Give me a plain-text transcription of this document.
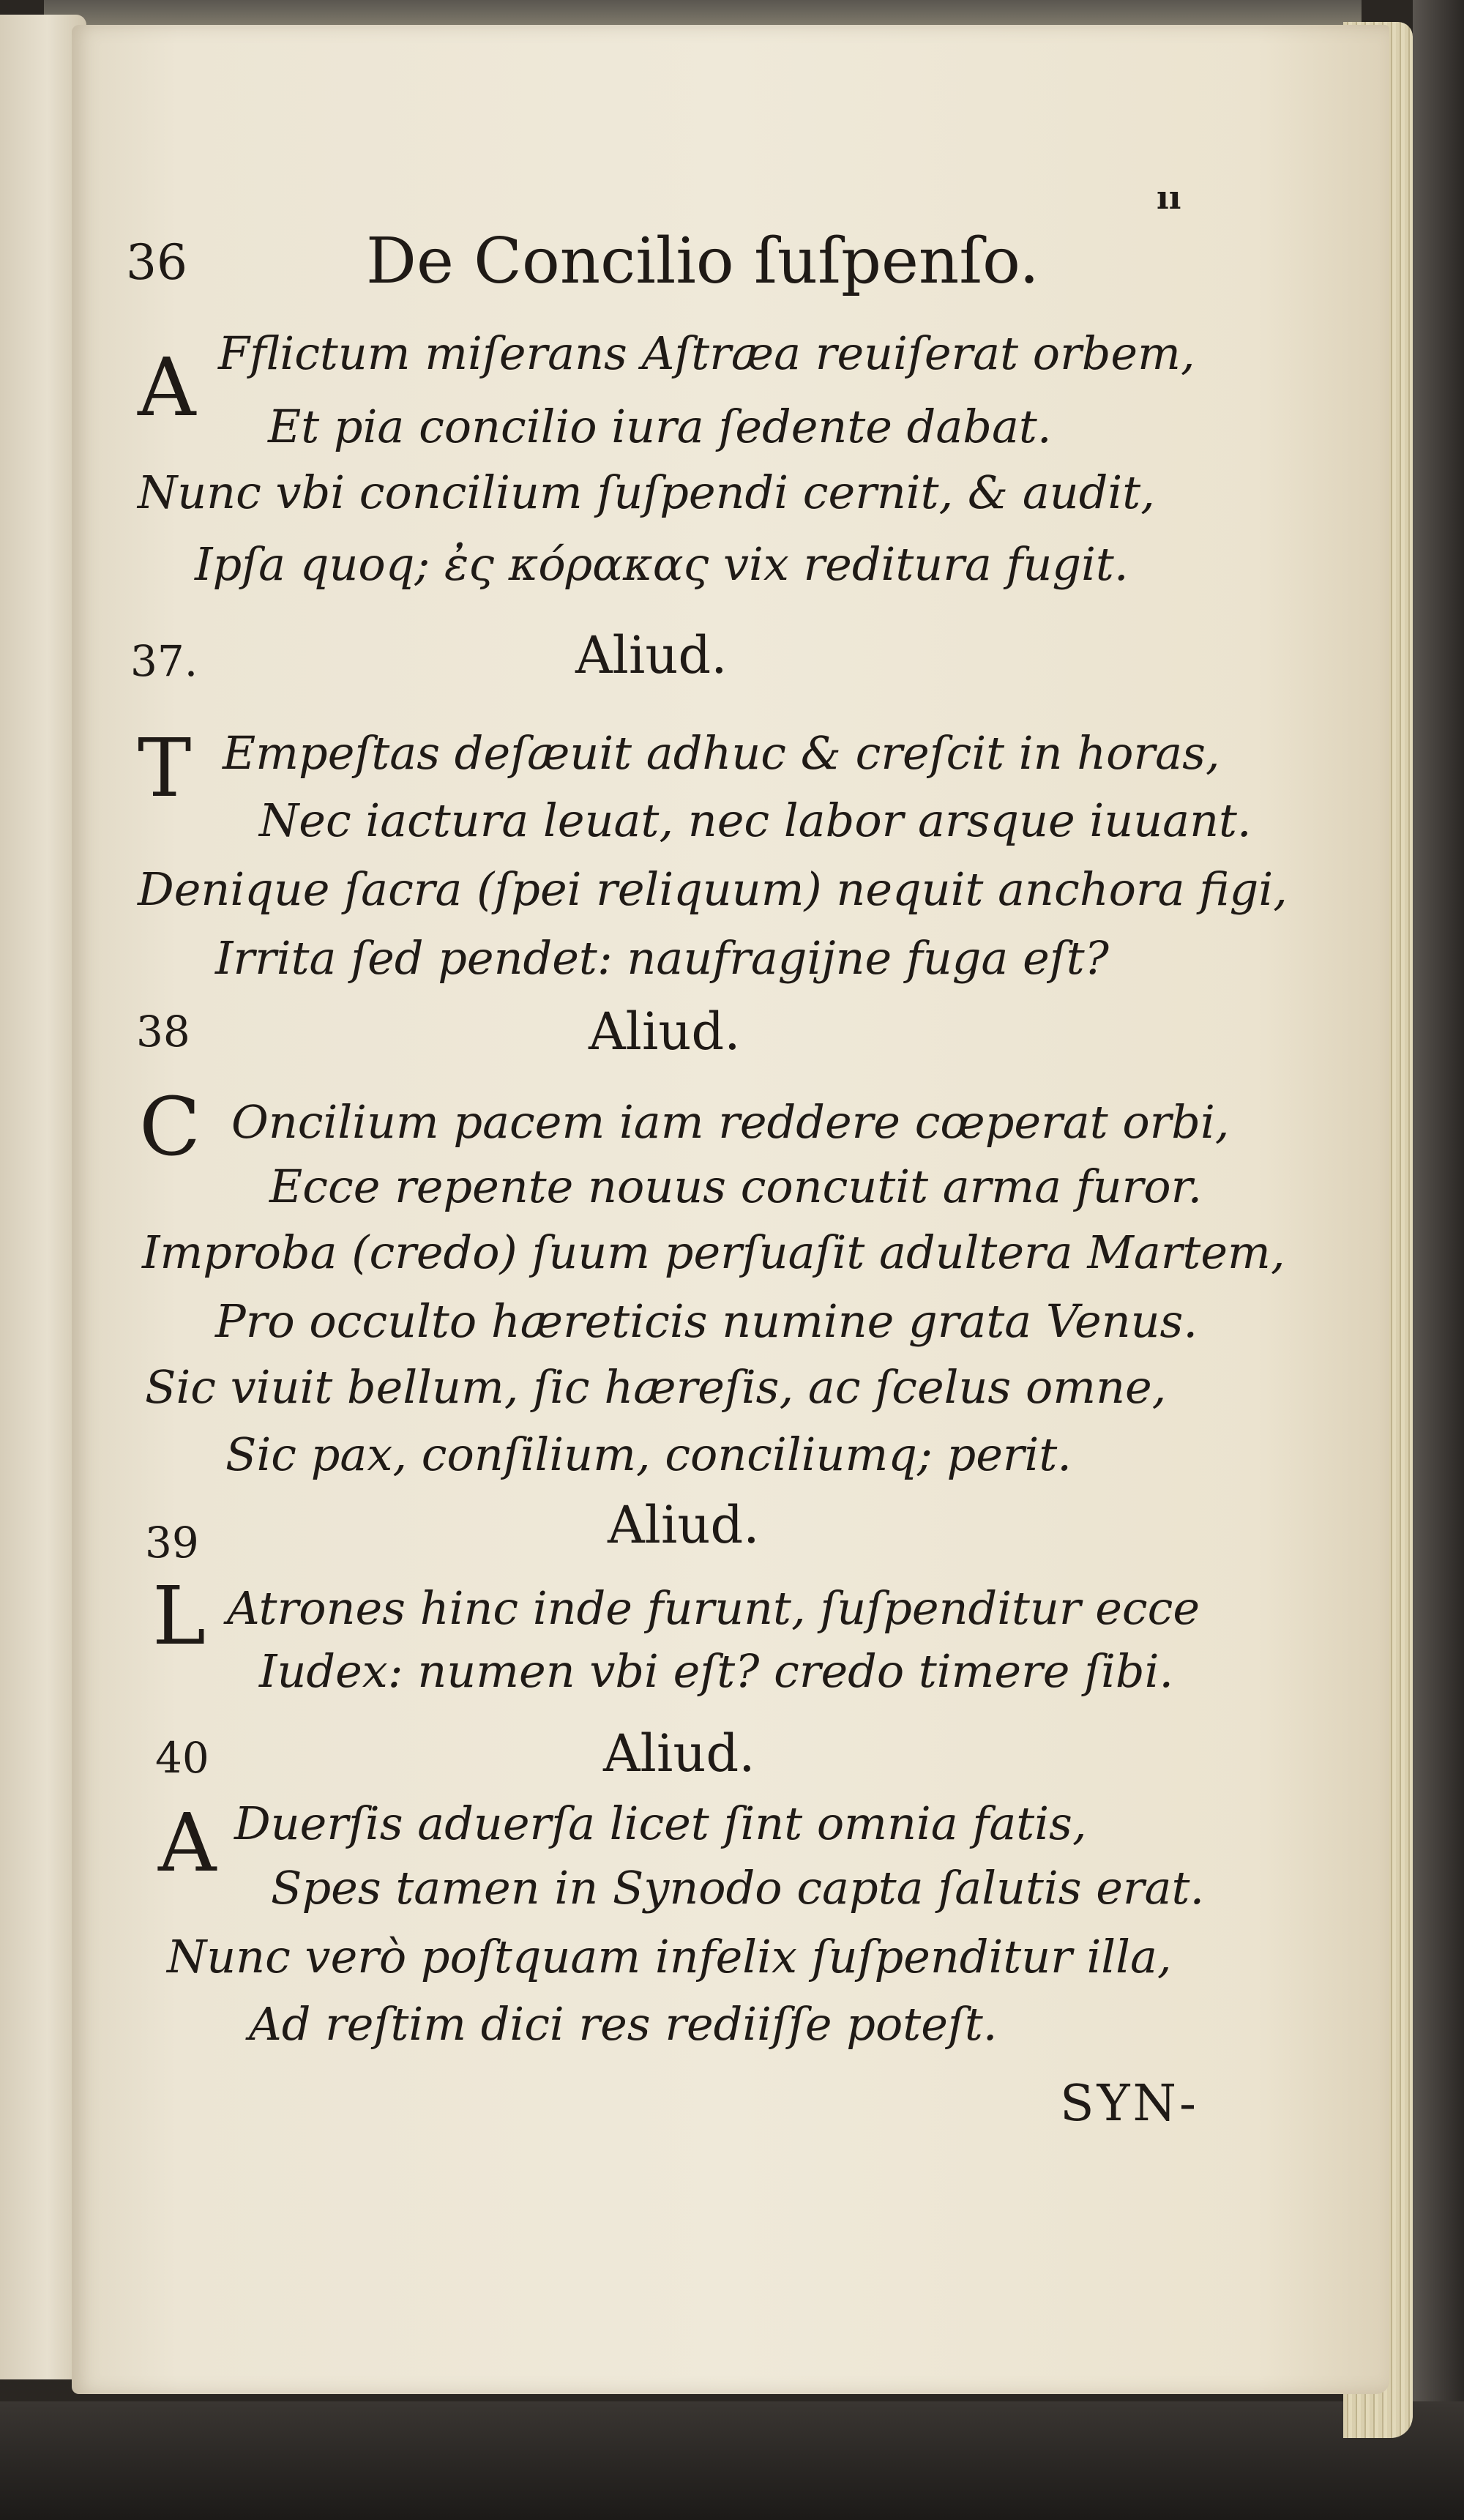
ıı
36	De Concilio ſuſpenſo.
A Fflictum miſerans Aſtræa reuiſerat orbem,
Et pia concilio iura ſedente dabat.
Nunc vbi concilium ſuſpendi cernit, & audit,
Ipſa quoq; ἐς κόρακας vix reditura fugit.
37.	Aliud.
T Empeſtas deſæuit adhuc & creſcit in horas,
Nec iactura leuat, nec labor arsque iuuant.
Denique ſacra (ſpei reliquum) nequit anchora figi,
Irrita ſed pendet: naufragijne fuga eſt?
38	Aliud.
C Oncilium pacem iam reddere cœperat orbi,
Ecce repente nouus concutit arma furor.
Improba (credo) ſuum perſuaſit adultera Martem,
Pro occulto hæreticis numine grata Venus.
Sic viuit bellum, ſic hæreſis, ac ſcelus omne,
Sic pax, conſilium, conciliumq; perit.
39	Aliud.
L Atrones hinc inde furunt, ſuſpenditur ecce
Iudex: numen vbi eſt? credo timere ſibi.
40	Aliud.
A Duerſis aduerſa licet ſint omnia fatis,
Spes tamen in Synodo capta ſalutis erat.
Nunc verò poſtquam infelix ſuſpenditur illa,
Ad reſtim dici res rediiſſe poteſt.
SYN-
